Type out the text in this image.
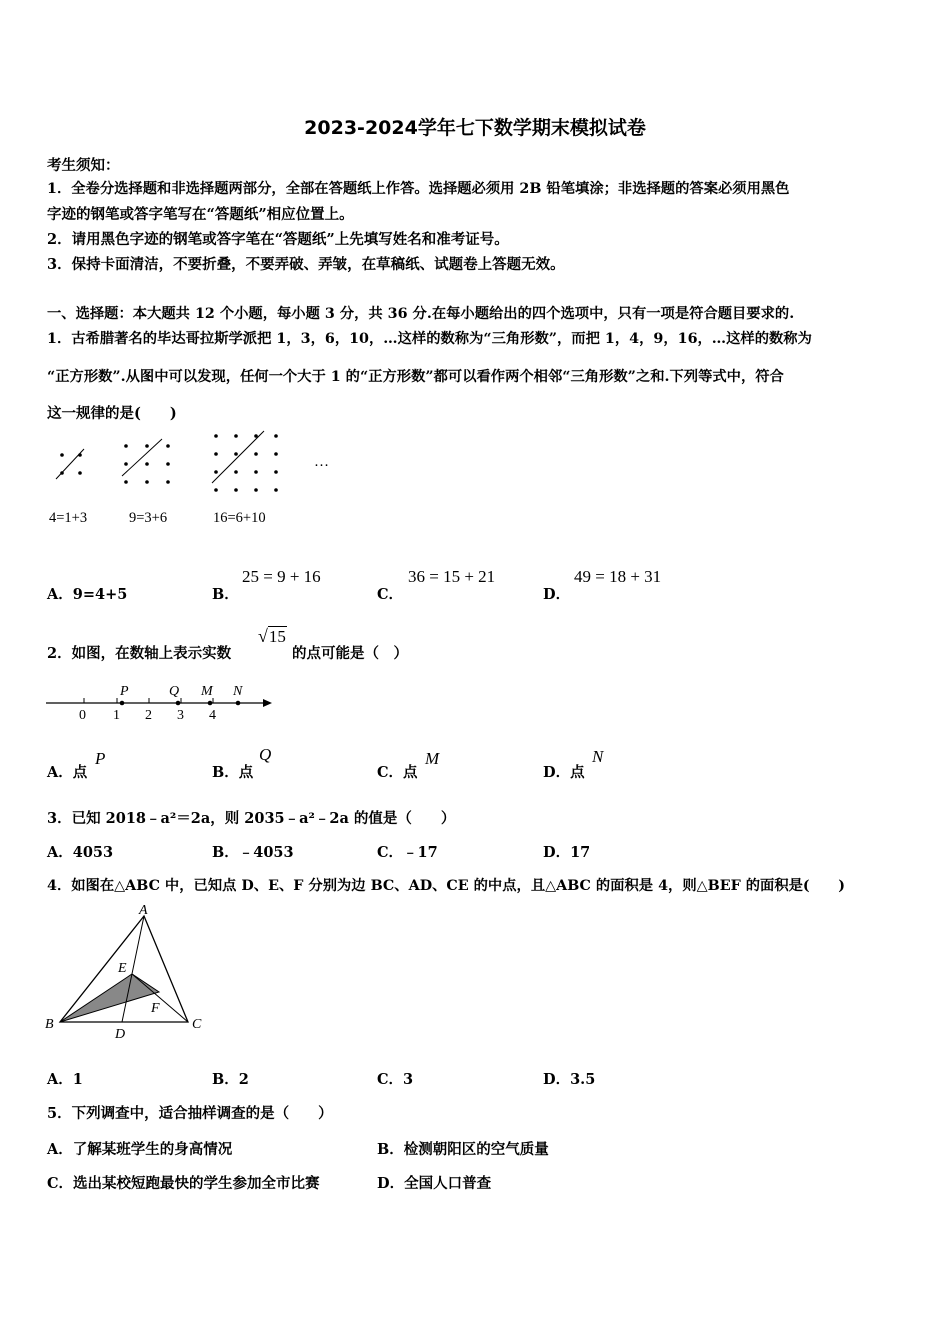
2023-2024学年七下数学期末模拟试卷
考生须知：
1．全卷分选择题和非选择题两部分，全部在答题纸上作答。选择题必须用 2B 铅笔填涂；非选择题的答案必须用黑色
字迹的钢笔或答字笔写在“答题纸”相应位置上。
2．请用黑色字迹的钢笔或答字笔在“答题纸”上先填写姓名和准考证号。
3．保持卡面清洁，不要折叠，不要弄破、弄皱，在草稿纸、试题卷上答题无效。
一、选择题：本大题共 12 个小题，每小题 3 分，共 36 分.在每小题给出的四个选项中，只有一项是符合题目要求的.
1．古希腊著名的毕达哥拉斯学派把 1，3，6，10，…这样的数称为“三角形数”，而把 1，4，9，16，…这样的数称为
“正方形数”.从图中可以发现，任何一个大于 1 的“正方形数”都可以看作两个相邻“三角形数”之和.下列等式中，符合
这一规律的是(　　)
…
4=1+3	9=3+6	16=6+10
A．9=4+5	B．
25 = 9 + 16
C．
36 = 15 + 21
D．
49 = 18 + 31
2．如图，在数轴上表示实数
√15
的点可能是（　）
P	Q M N
0 1 2 3 4
A．点
P
B．点
Q
C．点
M
D．点
N
3．已知 2018﹣a²＝2a，则 2035﹣a²﹣2a 的值是（　　）
A．4053	B．﹣4053	C．﹣17	D．17
4．如图在△ABC 中，已知点 D、E、F 分别为边 BC、AD、CE 的中点，且△ABC 的面积是 4，则△BEF 的面积是(　　)
A
B	C
D
E
F
A．1	B．2	C．3	D．3.5
5．下列调查中，适合抽样调查的是（　　）
A．了解某班学生的身高情况	B．检测朝阳区的空气质量
C．选出某校短跑最快的学生参加全市比赛	D．全国人口普查
